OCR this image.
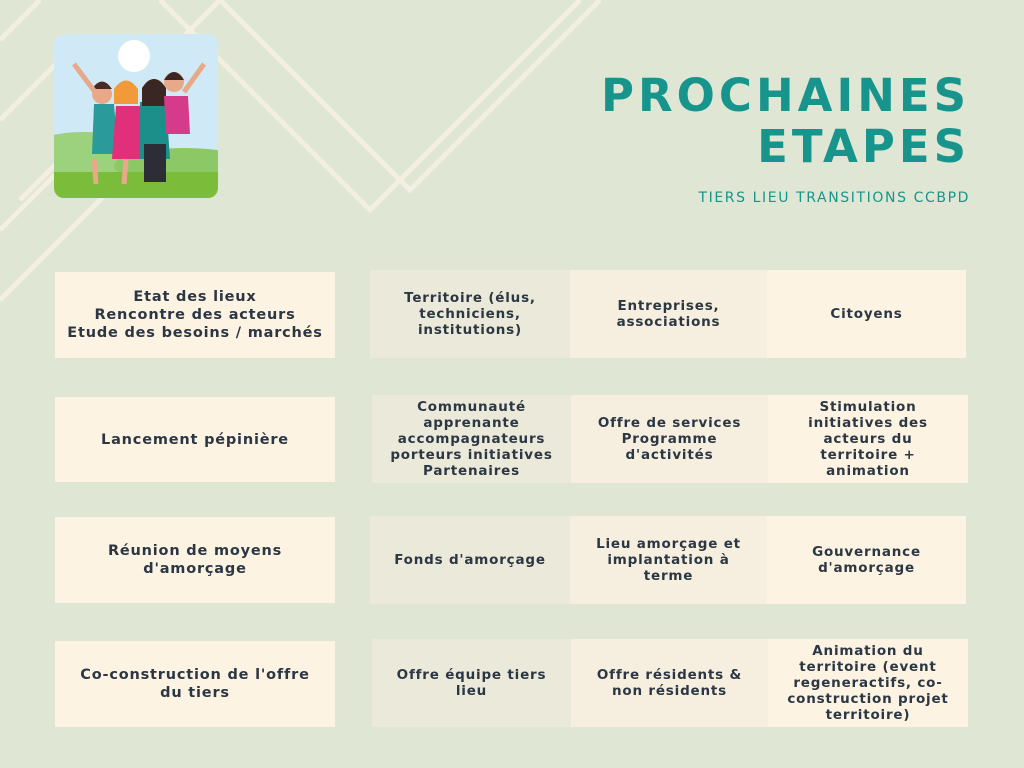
PROCHAINES
ETAPES
TIERS LIEU TRANSITIONS CCBPD
Etat des lieux
Rencontre des acteurs
Etude des besoins / marchés
Territoire (élus,
techniciens, institutions)
Entreprises,
associations	Citoyens
Lancement pépinière
Communauté
apprenante
accompagnateurs
porteurs initiatives
Partenaires
Offre de services
Programme
d'activités
Stimulation
initiatives des
acteurs du
territoire +
animation
Réunion de moyens
d'amorçage
Fonds d'amorçage
Lieu amorçage et
implantation à
terme
Gouvernance
d'amorçage
Co-construction de l'offre
du tiers
Offre équipe tiers
lieu
Offre résidents &
non résidents
Animation du
territoire (event
regeneractifs, co-
construction projet
territoire)
